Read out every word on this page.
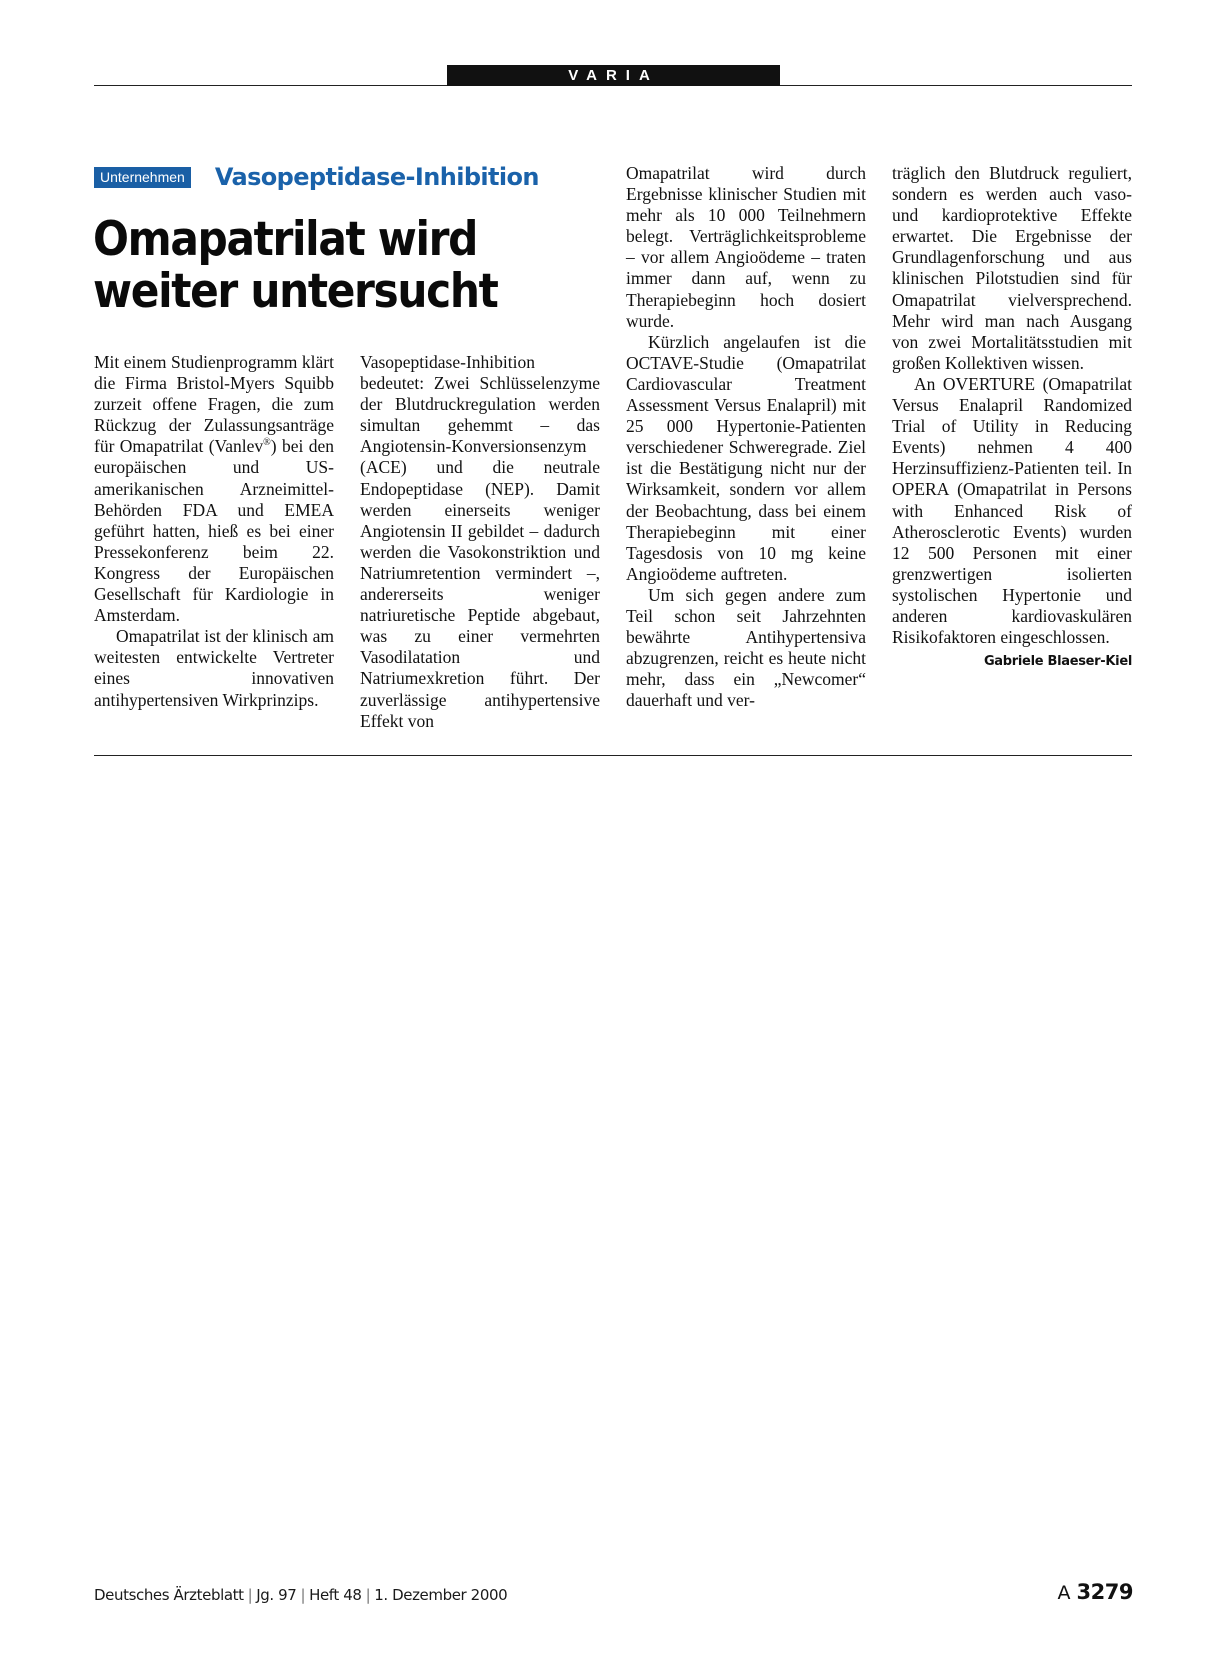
VARIA
Unternehmen Vasopeptidase-Inhibition
Omapatrilat wird
weiter untersucht

Mit einem Studienprogramm klärt die Firma Bristol-Myers Squibb zurzeit offene Fragen, die zum Rückzug der Zulassungsanträge für Omapatrilat (Vanlev®) bei den europäischen und US-amerikanischen Arzneimittel-Behörden FDA und EMEA geführt hatten, hieß es bei einer Pressekonferenz beim 22. Kongress der Europäischen Gesellschaft für Kardiologie in Amsterdam.

Omapatrilat ist der klinisch am weitesten entwickelte Vertreter eines innovativen antihypertensiven Wirkprinzips.

Vasopeptidase-Inhibition bedeutet: Zwei Schlüsselenzyme der Blutdruckregulation werden simultan gehemmt – das Angiotensin-Konversionsenzym (ACE) und die neutrale Endopeptidase (NEP). Damit werden einerseits weniger Angiotensin II gebildet – dadurch werden die Vasokonstriktion und Natriumretention vermindert –, andererseits weniger natriuretische Peptide abgebaut, was zu einer vermehrten Vasodilatation und Natriumexkretion führt. Der zuverlässige antihypertensive Effekt von

Omapatrilat wird durch Ergebnisse klinischer Studien mit mehr als 10 000 Teilnehmern belegt. Verträglichkeitsprobleme – vor allem Angioödeme – traten immer dann auf, wenn zu Therapiebeginn hoch dosiert wurde.

Kürzlich angelaufen ist die OCTAVE-Studie (Omapatrilat Cardiovascular Treatment Assessment Versus Enalapril) mit 25 000 Hypertonie-Patienten verschiedener Schweregrade. Ziel ist die Bestätigung nicht nur der Wirksamkeit, sondern vor allem der Beobachtung, dass bei einem Therapiebeginn mit einer Tagesdosis von 10 mg keine Angioödeme auftreten.

Um sich gegen andere zum Teil schon seit Jahrzehnten bewährte Antihypertensiva abzugrenzen, reicht es heute nicht mehr, dass ein „Newcomer“ dauerhaft und ver-

träglich den Blutdruck reguliert, sondern es werden auch vaso- und kardioprotektive Effekte erwartet. Die Ergebnisse der Grundlagenforschung und aus klinischen Pilotstudien sind für Omapatrilat vielversprechend. Mehr wird man nach Ausgang von zwei Mortalitätsstudien mit großen Kollektiven wissen.

An OVERTURE (Omapatrilat Versus Enalapril Randomized Trial of Utility in Reducing Events) nehmen 4 400 Herzinsuffizienz-Patienten teil. In OPERA (Omapatrilat in Persons with Enhanced Risk of Atherosclerotic Events) wurden 12 500 Personen mit einer grenzwertigen isolierten systolischen Hypertonie und anderen kardiovaskulären Risikofaktoren eingeschlossen.
Gabriele Blaeser-Kiel

Deutsches Ärzteblatt | Jg. 97 | Heft 48 | 1. Dezember 2000	A 3279
